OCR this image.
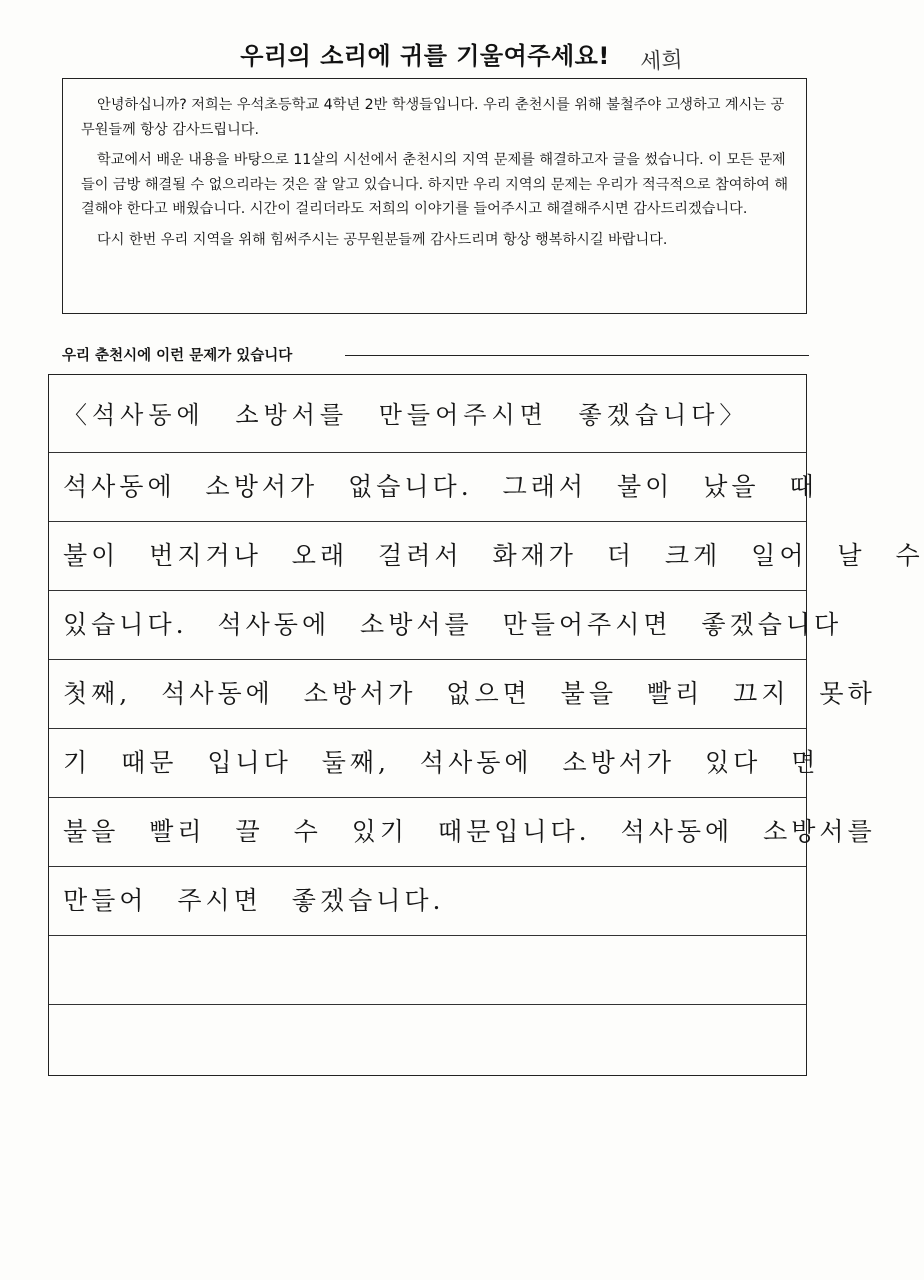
우리의 소리에 귀를 기울여주세요!	세희

안녕하십니까? 저희는 우석초등학교 4학년 2반 학생들입니다. 우리 춘천시를 위해 불철주야 고생하고 계시는 공무원들께 항상 감사드립니다.

학교에서 배운 내용을 바탕으로 11살의 시선에서 춘천시의 지역 문제를 해결하고자 글을 썼습니다. 이 모든 문제들이 금방 해결될 수 없으리라는 것은 잘 알고 있습니다. 하지만 우리 지역의 문제는 우리가 적극적으로 참여하여 해결해야 한다고 배웠습니다. 시간이 걸리더라도 저희의 이야기를 들어주시고 해결해주시면 감사드리겠습니다.

다시 한번 우리 지역을 위해 힘써주시는 공무원분들께 감사드리며 항상 행복하시길 바랍니다.

우리 춘천시에 이런 문제가 있습니다
〈석사동에 소방서를 만들어주시면 좋겠습니다〉
석사동에 소방서가 없습니다. 그래서 불이 났을 때
불이 번지거나 오래 걸려서 화재가 더 크게 일어 날 수
있습니다. 석사동에 소방서를 만들어주시면 좋겠습니다
첫째, 석사동에 소방서가 없으면 불을 빨리 끄지 못하
기 때문 입니다 둘째, 석사동에 소방서가 있다 면
불을 빨리 끌 수 있기 때문입니다. 석사동에 소방서를
만들어 주시면 좋겠습니다.
